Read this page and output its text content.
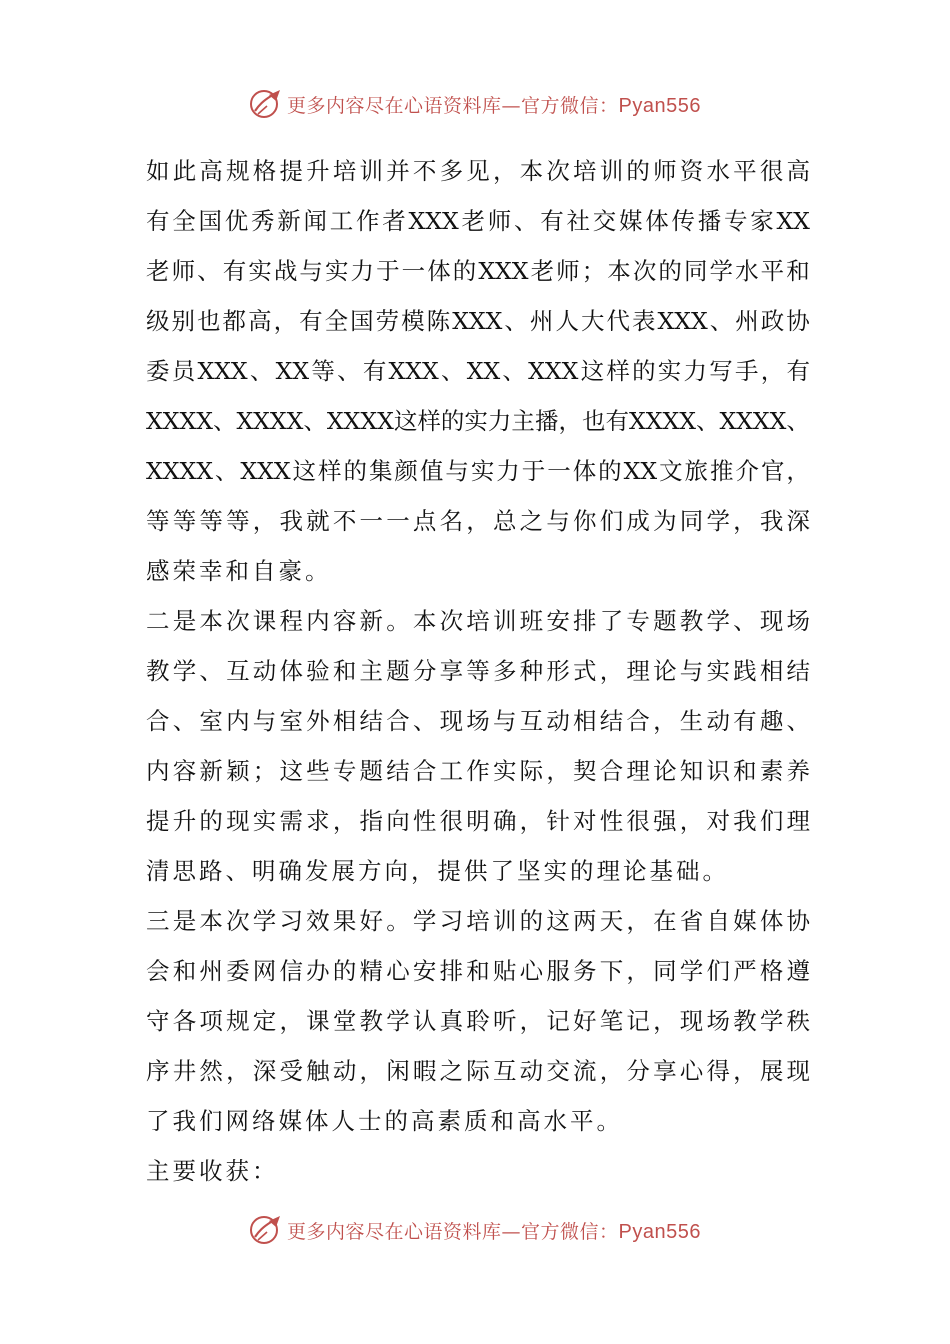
更多内容尽在心语资料库—官方微信：Pyan556
如 此 高 规 格 提 升 培 训 并 不 多 见 ， 本 次 培 训 的 师 资 水 平 很 高
有 全 国 优 秀 新 闻 工 作 者 XXX 老 师 、 有 社 交 媒 体 传 播 专 家 XX
老 师 、 有 实 战 与 实 力 于 一 体 的 XXX 老 师 ； 本 次 的 同 学 水 平 和
级 别 也 都 高 ， 有 全 国 劳 模 陈 XXX 、 州 人 大 代 表 XXX 、 州 政 协
委 员 XXX 、 XX 等 、 有 XXX 、 XX 、 XXX 这 样 的 实 力 写 手 ， 有
XXXX 、 XXXX 、 XXXX 这 样 的 实 力 主 播 ， 也 有 XXXX 、 XXXX 、
XXXX 、 XXX 这 样 的 集 颜 值 与 实 力 于 一 体 的 XX 文 旅 推 介 官 ，
等 等 等 等 ， 我 就 不 一 一 点 名 ， 总 之 与 你 们 成 为 同 学 ， 我 深
感荣幸和自豪。
二 是 本 次 课 程 内 容 新 。 本 次 培 训 班 安 排 了 专 题 教 学 、 现 场
教 学 、 互 动 体 验 和 主 题 分 享 等 多 种 形 式 ， 理 论 与 实 践 相 结
合 、 室 内 与 室 外 相 结 合 、 现 场 与 互 动 相 结 合 ， 生 动 有 趣 、
内 容 新 颖 ； 这 些 专 题 结 合 工 作 实 际 ， 契 合 理 论 知 识 和 素 养
提 升 的 现 实 需 求 ， 指 向 性 很 明 确 ， 针 对 性 很 强 ， 对 我 们 理
清思路、明确发展方向，提供了坚实的理论基础。
三 是 本 次 学 习 效 果 好 。 学 习 培 训 的 这 两 天 ， 在 省 自 媒 体 协
会 和 州 委 网 信 办 的 精 心 安 排 和 贴 心 服 务 下 ， 同 学 们 严 格 遵
守 各 项 规 定 ， 课 堂 教 学 认 真 聆 听 ， 记 好 笔 记 ， 现 场 教 学 秩
序 井 然 ， 深 受 触 动 ， 闲 暇 之 际 互 动 交 流 ， 分 享 心 得 ， 展 现
了我们网络媒体人士的高素质和高水平。
主要收获：
更多内容尽在心语资料库—官方微信：Pyan556
